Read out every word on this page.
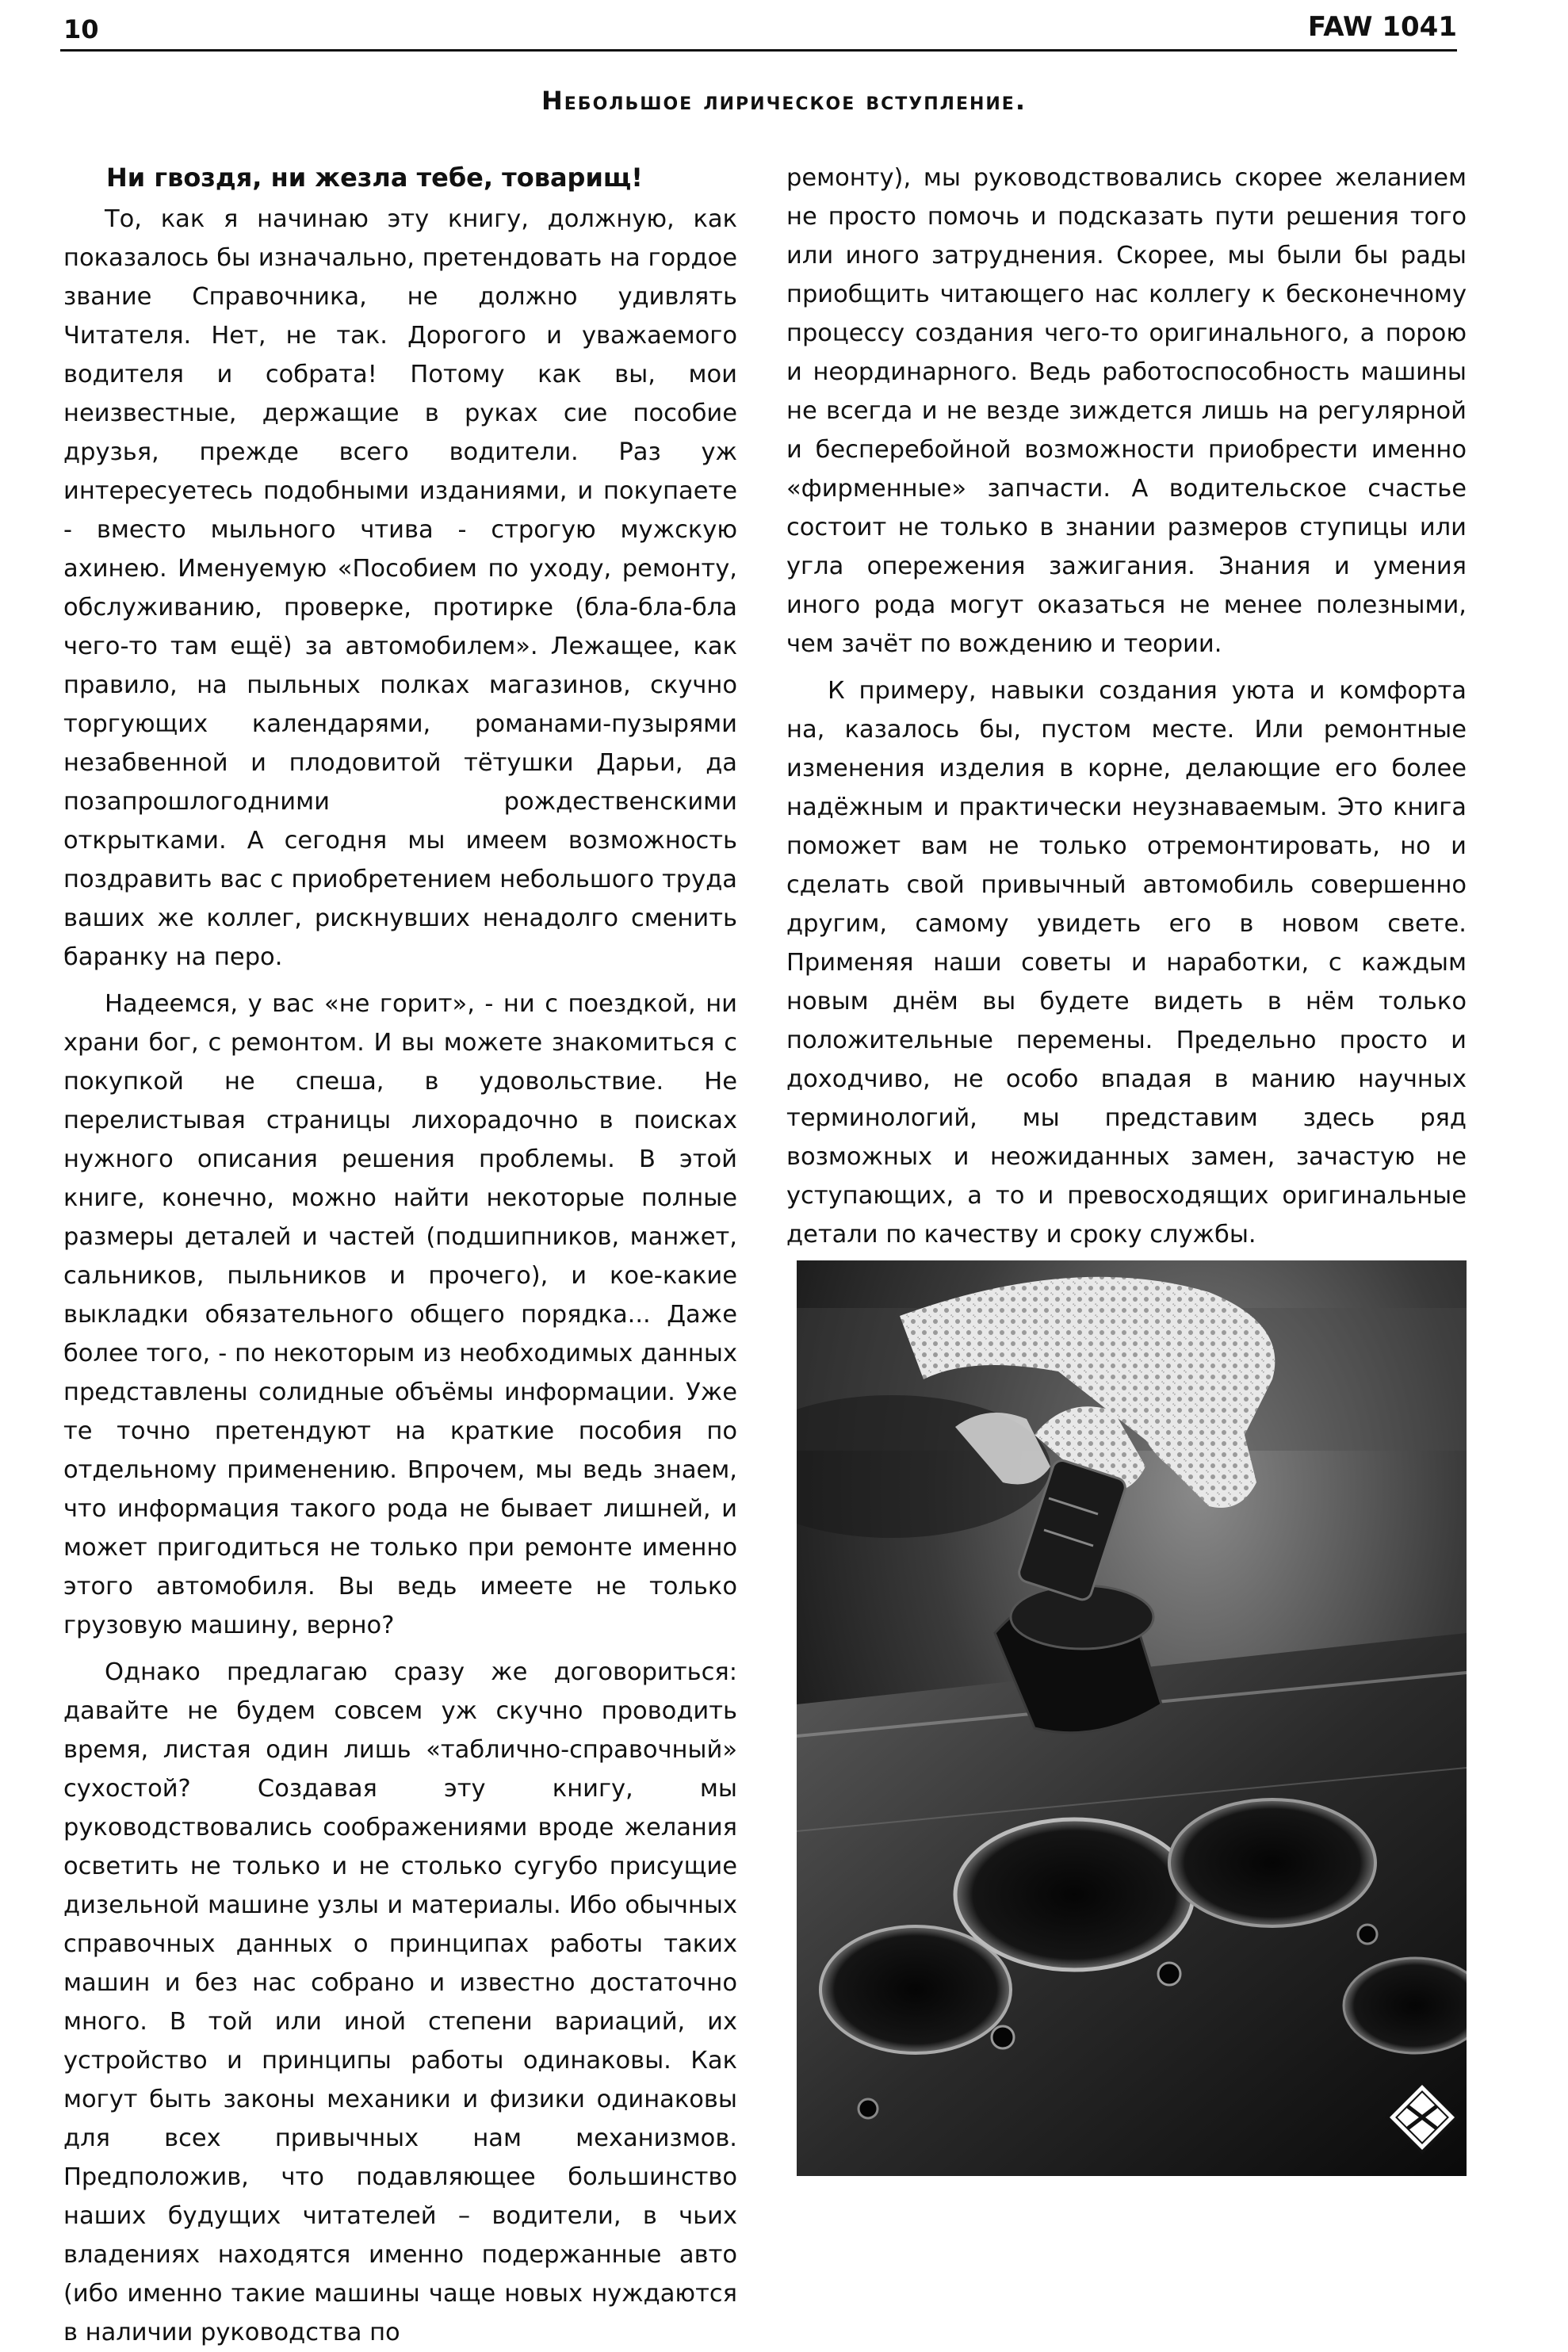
10	FAW 1041
Небольшое лирическое вступление.
Ни гвоздя, ни жезла тебе, товарищ!

То, как я начинаю эту книгу, должную, как показалось бы изначально, претендовать на гордое звание Справочника, не должно удивлять Читателя. Нет, не так. Дорогого и уважаемого водителя и собрата! Потому как вы, мои неизвестные, держащие в руках сие пособие друзья, прежде всего водители. Раз уж интересуетесь подобными изданиями, и покупаете - вместо мыльного чтива - строгую мужскую ахинею. Именуемую «Пособием по уходу, ремонту, обслуживанию, проверке, протирке (бла-бла-бла чего-то там ещё) за автомобилем». Лежащее, как правило, на пыльных полках магазинов, скучно торгующих календарями, романами-пузырями незабвенной и плодовитой тётушки Дарьи, да позапрошлогодними рождественскими открытками. А сегодня мы имеем возможность поздравить вас с приобретением небольшого труда ваших же коллег, рискнувших ненадолго сменить баранку на перо.

Надеемся, у вас «не горит», - ни с поездкой, ни храни бог, с ремонтом. И вы можете знакомиться с покупкой не спеша, в удовольствие. Не перелистывая страницы лихорадочно в поисках нужного описания решения проблемы. В этой книге, конечно, можно найти некоторые полные размеры деталей и частей (подшипников, манжет, сальников, пыльников и прочего), и кое-какие выкладки обязательного общего порядка... Даже более того, - по некоторым из необходимых данных представлены солидные объёмы информации. Уже те точно претендуют на краткие пособия по отдельному применению. Впрочем, мы ведь знаем, что информация такого рода не бывает лишней, и может пригодиться не только при ремонте именно этого автомобиля. Вы ведь имеете не только грузовую машину, верно?

Однако предлагаю сразу же договориться: давайте не будем совсем уж скучно проводить время, листая один лишь «таблично-справочный» сухостой? Создавая эту книгу, мы руководствовались соображениями вроде желания осветить не только и не столько сугубо присущие дизельной машине узлы и материалы. Ибо обычных справочных данных о принципах работы таких машин и без нас собрано и известно достаточно много. В той или иной степени вариаций, их устройство и принципы работы одинаковы. Как могут быть законы механики и физики одинаковы для всех привычных нам механизмов. Предположив, что подавляющее большинство наших будущих читателей – водители, в чьих владениях находятся именно подержанные авто (ибо именно такие машины чаще новых нуждаются в наличии руководства по

ремонту), мы руководствовались скорее желанием не просто помочь и подсказать пути решения того или иного затруднения. Скорее, мы были бы рады приобщить читающего нас коллегу к бесконечному процессу создания чего-то оригинального, а порою и неординарного. Ведь работоспособность машины не всегда и не везде зиждется лишь на регулярной и бесперебойной возможности приобрести именно «фирменные» запчасти. А водительское счастье состоит не только в знании размеров ступицы или угла опережения зажигания. Знания и умения иного рода могут оказаться не менее полезными, чем зачёт по вождению и теории.

К примеру, навыки создания уюта и комфорта на, казалось бы, пустом месте. Или ремонтные изменения изделия в корне, делающие его более надёжным и практически неузнаваемым. Это книга поможет вам не только отремонтировать, но и сделать свой привычный автомобиль совершенно другим, самому увидеть его в новом свете. Применяя наши советы и наработки, с каждым новым днём вы будете видеть в нём только положительные перемены. Предельно просто и доходчиво, не особо впадая в манию научных терминологий, мы представим здесь ряд возможных и неожиданных замен, зачастую не уступающих, а то и превосходящих оригинальные детали по качеству и сроку службы.
